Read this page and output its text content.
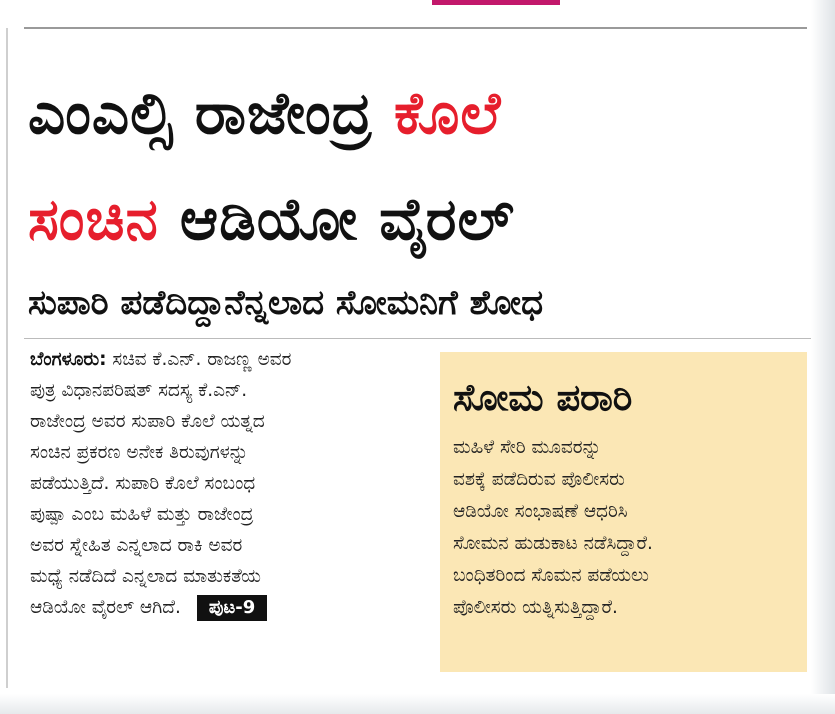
ಎಂಎಲ್ಸಿ ರಾಜೇಂದ್ರ ಕೊಲೆ
ಸಂಚಿನ ಆಡಿಯೋ ವೈರಲ್
ಸುಪಾರಿ ಪಡೆದಿದ್ದಾನೆನ್ನಲಾದ ಸೋಮನಿಗೆ ಶೋಧ
ಬೆಂಗಳೂರು: ಸಚಿವ ಕೆ.ಎನ್. ರಾಜಣ್ಣ ಅವರ
ಪುತ್ರ ವಿಧಾನಪರಿಷತ್ ಸದಸ್ಯ ಕೆ.ಎನ್.
ರಾಜೇಂದ್ರ ಅವರ ಸುಪಾರಿ ಕೊಲೆ ಯತ್ನದ
ಸಂಚಿನ ಪ್ರಕರಣ ಅನೇಕ ತಿರುವುಗಳನ್ನು
ಪಡೆಯುತ್ತಿದೆ. ಸುಪಾರಿ ಕೊಲೆ ಸಂಬಂಧ
ಪುಷ್ಪಾ ಎಂಬ ಮಹಿಳೆ ಮತ್ತು ರಾಜೇಂದ್ರ
ಅವರ ಸ್ನೇಹಿತ ಎನ್ನಲಾದ ರಾಕಿ ಅವರ
ಮಧ್ಯೆ ನಡೆದಿದೆ ಎನ್ನಲಾದ ಮಾತುಕತೆಯ
ಆಡಿಯೋ ವೈರಲ್ ಆಗಿದೆ. ಪುಟ-9
ಸೋಮ ಪರಾರಿ
ಮಹಿಳೆ ಸೇರಿ ಮೂವರನ್ನು
ವಶಕ್ಕೆ ಪಡೆದಿರುವ ಪೊಲೀಸರು
ಆಡಿಯೋ ಸಂಭಾಷಣೆ ಆಧರಿಸಿ
ಸೋಮನ ಹುಡುಕಾಟ ನಡೆಸಿದ್ದಾರೆ.
ಬಂಧಿತರಿಂದ ಸೊಮನ ಪಡೆಯಲು
ಪೊಲೀಸರು ಯತ್ನಿಸುತ್ತಿದ್ದಾರೆ.
